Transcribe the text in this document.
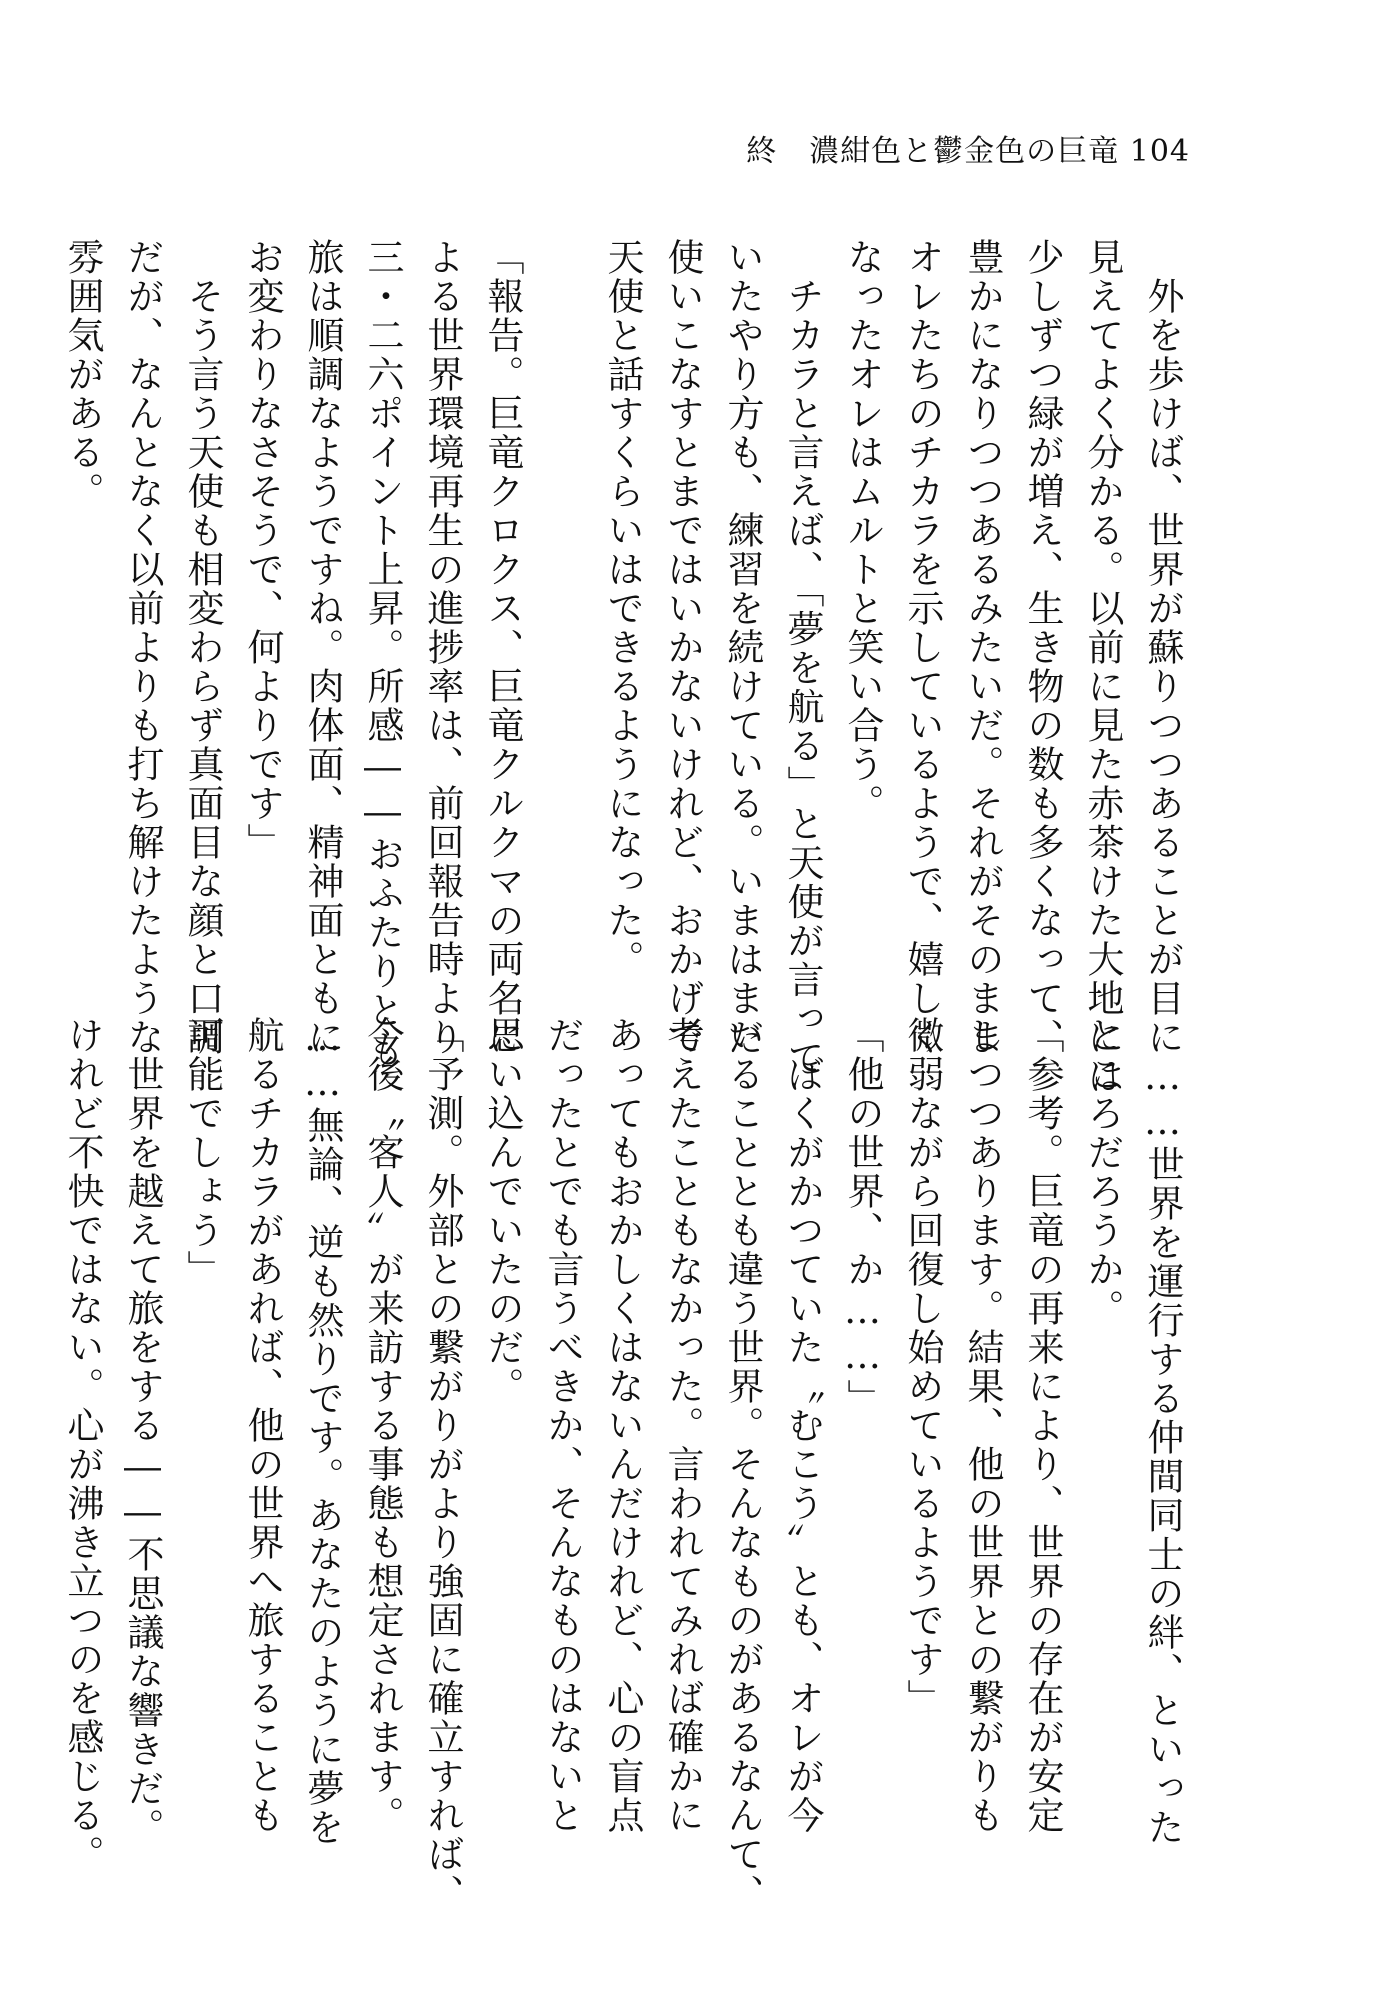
終 濃紺色と鬱金色の巨竜 104
　外を歩けば、世界が蘇りつつあることが目に
見えてよく分かる。以前に見た赤茶けた大地には
少しずつ緑が増え、生き物の数も多くなって、
豊かになりつつあるみたいだ。それがそのまま
オレたちのチカラを示しているようで、嬉しく
なったオレはムルトと笑い合う。
　チカラと言えば、「夢を航る」と天使が言って
いたやり方も、練習を続けている。いまはまだ
使いこなすとまではいかないけれど、おかげで
天使と話すくらいはできるようになった。

「報告。巨竜クロクス、巨竜クルクマの両名に
よる世界環境再生の進捗率は、前回報告時より
三・二六ポイント上昇。所感――おふたりとも
旅は順調なようですね。肉体面、精神面ともに
お変わりなさそうで、何よりです」
　そう言う天使も相変わらず真面目な顔と口調
だが、なんとなく以前よりも打ち解けたような
雰囲気がある。
　……世界を運行する仲間同士の絆、といった
ところだろうか。
「参考。巨竜の再来により、世界の存在が安定
しつつあります。結果、他の世界との繋がりも
微弱ながら回復し始めているようです」
「他の世界、か……」
　ぼくがかつていた〝むこう〟とも、オレが今
いることとも違う世界。そんなものがあるなんて、
考えたこともなかった。言われてみれば確かに
あってもおかしくはないんだけれど、心の盲点
だったとでも言うべきか、そんなものはないと
思い込んでいたのだ。
「予測。外部との繋がりがより強固に確立すれば、
今後〝客人〟が来訪する事態も想定されます。
……無論、逆も然りです。あなたのように夢を
航るチカラがあれば、他の世界へ旅することも
可能でしょう」
　世界を越えて旅をする――不思議な響きだ。
けれど不快ではない。心が沸き立つのを感じる。
